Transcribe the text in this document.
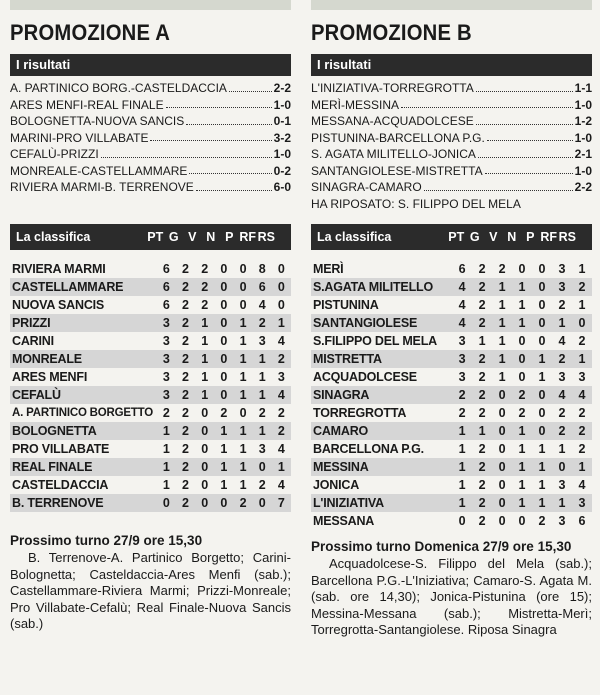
PROMOZIONE A
I risultati
A. PARTINICO BORG.-CASTELDACCIA	2-2
ARES MENFI-REAL FINALE	1-0
BOLOGNETTA-NUOVA SANCIS	0-1
MARINI-PRO VILLABATE	3-2
CEFALÙ-PRIZZI	1-0
MONREALE-CASTELLAMMARE	0-2
RIVIERA MARMI-B. TERRENOVE	6-0
La classifica	PT G V N P RF RS
RIVIERA MARMI	6	2	2	0	0	8	0
CASTELLAMMARE	6	2	2	0	0	6	0
NUOVA SANCIS	6	2	2	0	0	4	0
PRIZZI	3	2	1	0	1	2	1
CARINI	3	2	1	0	1	3	4
MONREALE	3	2	1	0	1	1	2
ARES MENFI	3	2	1	0	1	1	3
CEFALÙ	3	2	1	0	1	1	4
A. PARTINICO BORGETTO	2	2	0	2	0	2	2
BOLOGNETTA	1	2	0	1	1	1	2
PRO VILLABATE	1	2	0	1	1	3	4
REAL FINALE	1	2	0	1	1	0	1
CASTELDACCIA	1	2	0	1	1	2	4
B. TERRENOVE	0	2	0	0	2	0	7
Prossimo turno 27/9 ore 15,30
B. Terrenove-A. Partinico Borgetto; Carini-Bolognetta; Casteldaccia-Ares Menfi (sab.); Castellammare-Riviera Marmi; Prizzi-Monreale; Pro Villabate-Cefalù; Real Finale-Nuova Sancis (sab.)
PROMOZIONE B
I risultati
L'INIZIATIVA-TORREGROTTA	1-1
MERÌ-MESSINA	1-0
MESSANA-ACQUADOLCESE	1-2
PISTUNINA-BARCELLONA P.G.	1-0
S. AGATA MILITELLO-JONICA	2-1
SANTANGIOLESE-MISTRETTA	1-0
SINAGRA-CAMARO	2-2
HA RIPOSATO: S. FILIPPO DEL MELA
La classifica	PT G V N P RF RS
MERÌ	6	2	2	0	0	3	1
S.AGATA MILITELLO	4	2	1	1	0	3	2
PISTUNINA	4	2	1	1	0	2	1
SANTANGIOLESE	4	2	1	1	0	1	0
S.FILIPPO DEL MELA	3	1	1	0	0	4	2
MISTRETTA	3	2	1	0	1	2	1
ACQUADOLCESE	3	2	1	0	1	3	3
SINAGRA	2	2	0	2	0	4	4
TORREGROTTA	2	2	0	2	0	2	2
CAMARO	1	1	0	1	0	2	2
BARCELLONA P.G.	1	2	0	1	1	1	2
MESSINA	1	2	0	1	1	0	1
JONICA	1	2	0	1	1	3	4
L'INIZIATIVA	1	2	0	1	1	1	3
MESSANA	0	2	0	0	2	3	6
Prossimo turno Domenica 27/9 ore 15,30
Acquadolcese-S. Filippo del Mela (sab.); Barcellona P.G.-L'Iniziativa; Camaro-S. Agata M. (sab. ore 14,30); Jonica-Pistunina (ore 15); Messina-Messana (sab.); Mistretta-Merì; Torregrotta-Santangiolese. Riposa Sinagra
